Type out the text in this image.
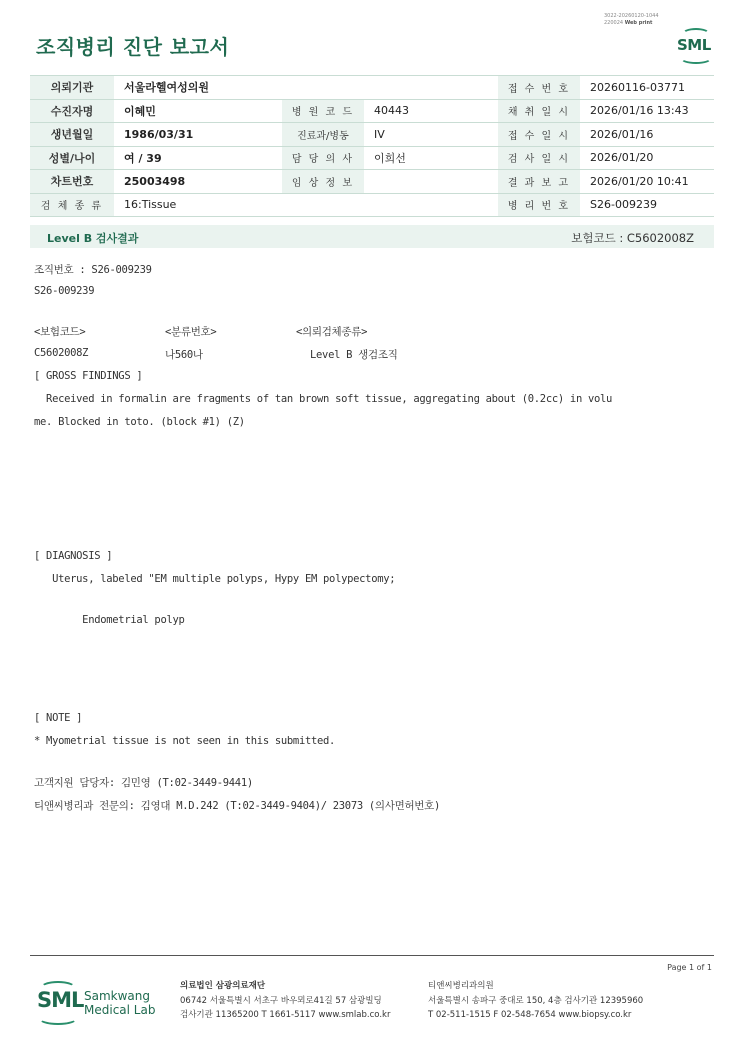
3022-20260120-1044
220024 Web print
조직병리 진단 보고서	SML
의뢰기관	서울라헬여성의원			접 수 번 호	20260116-03771
수진자명	이혜민	병 원 코 드	40443	채 취 일 시	2026/01/16 13:43
생년월일	1986/03/31	진료과/병동	IV	접 수 일 시	2026/01/16
성별/나이	여 / 39	담 당 의 사	이희선	검 사 일 시	2026/01/20
차트번호	25003498	임 상 정 보		결 과 보 고	2026/01/20 10:41
검 체 종 류	16:Tissue			병 리 번 호	S26-009239
Level B 검사결과	보험코드 : C5602008Z
조직번호 : S26-009239
S26-009239
<보험코드>	<분류번호>	<의뢰검체종류>
C5602008Z	나560나	Level B 생검조직
[ GROSS FINDINGS ]
Received in formalin are fragments of tan brown soft tissue, aggregating about (0.2cc) in volu
me. Blocked in toto. (block #1) (Z)
[ DIAGNOSIS ]
Uterus, labeled "EM multiple polyps, Hypy EM polypectomy;
Endometrial polyp
[ NOTE ]
* Myometrial tissue is not seen in this submitted.
고객지원 담당자: 김민영 (T:02-3449-9441)
티앤씨병리과 전문의: 김영대 M.D.242 (T:02-3449-9404)/ 23073 (의사면허번호)
Page 1 of 1
SML Samkwang
Medical Lab
의료법인 삼광의료재단
06742 서울특별시 서초구 바우뫼로41길 57 삼광빌딩
검사기관 11365200 T 1661-5117 www.smlab.co.kr
티앤씨병리과의원
서울특별시 송파구 중대로 150, 4층 검사기관 12395960
T 02-511-1515 F 02-548-7654 www.biopsy.co.kr
